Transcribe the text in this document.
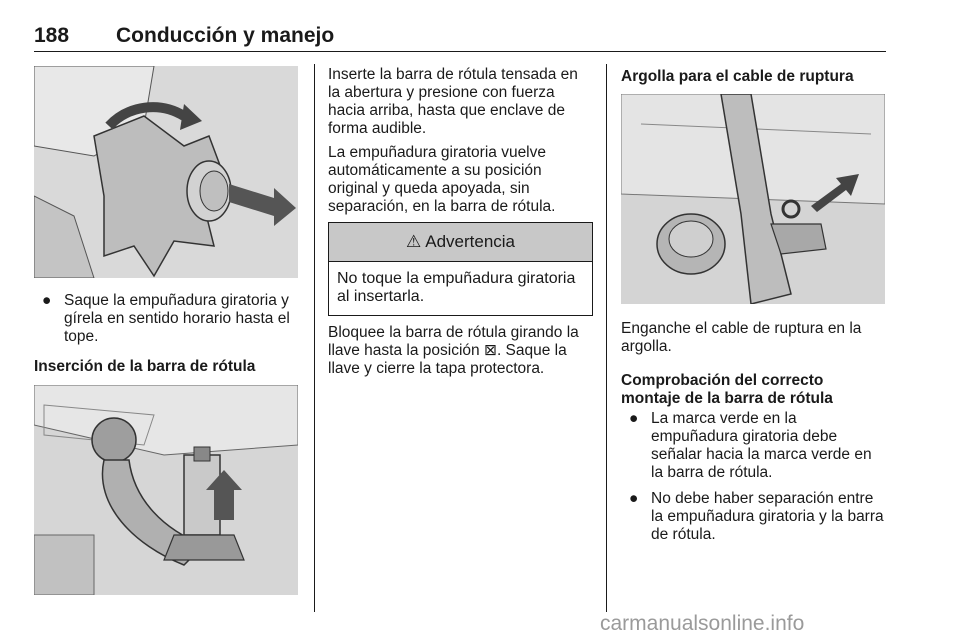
188 Conducción y manejo

● Saque la empuñadura giratoria y gírela en sentido horario hasta el tope.

Inserción de la barra de rótula

Inserte la barra de rótula tensada en la abertura y presione con fuerza hacia arriba, hasta que enclave de forma audible.

La empuñadura giratoria vuelve automáticamente a su posición original y queda apoyada, sin separación, en la barra de rótula.

⚠ Advertencia
No toque la empuñadura giratoria al insertarla.

Bloquee la barra de rótula girando la llave hasta la posición ⊠. Saque la llave y cierre la tapa protectora.

Argolla para el cable de ruptura

Enganche el cable de ruptura en la argolla.

Comprobación del correcto montaje de la barra de rótula

● La marca verde en la empuñadura giratoria debe señalar hacia la marca verde en la barra de rótula.

● No debe haber separación entre la empuñadura giratoria y la barra de rótula.

carmanualsonline.info
